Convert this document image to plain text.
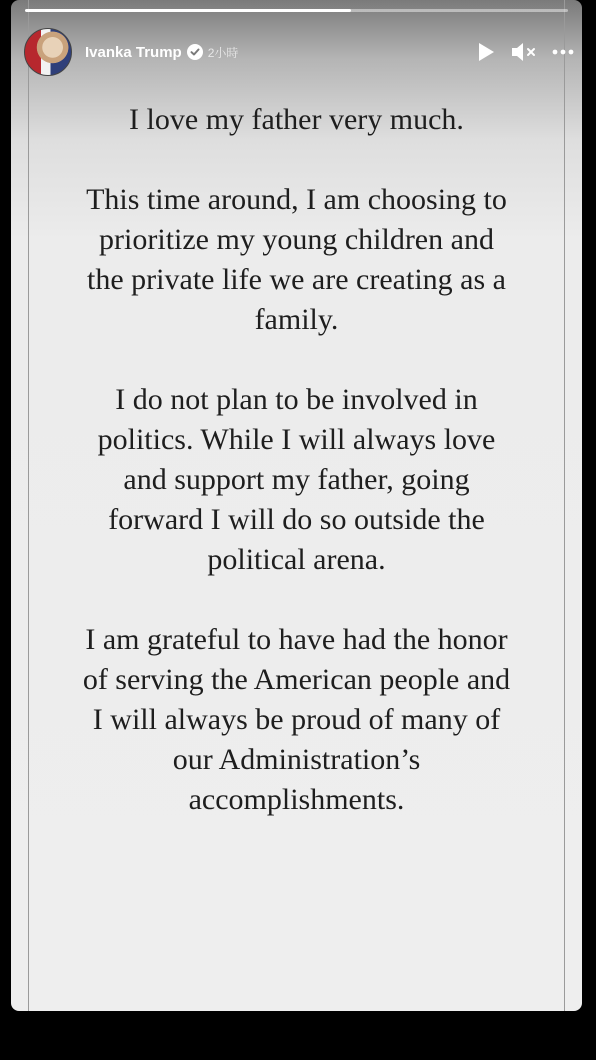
Ivanka Trump 2小時

I love my father very much.

This time around, I am choosing to prioritize my young children and the private life we are creating as a family.

I do not plan to be involved in politics. While I will always love and support my father, going forward I will do so outside the political arena.

I am grateful to have had the honor of serving the American people and I will always be proud of many of our Administration’s accomplishments.
